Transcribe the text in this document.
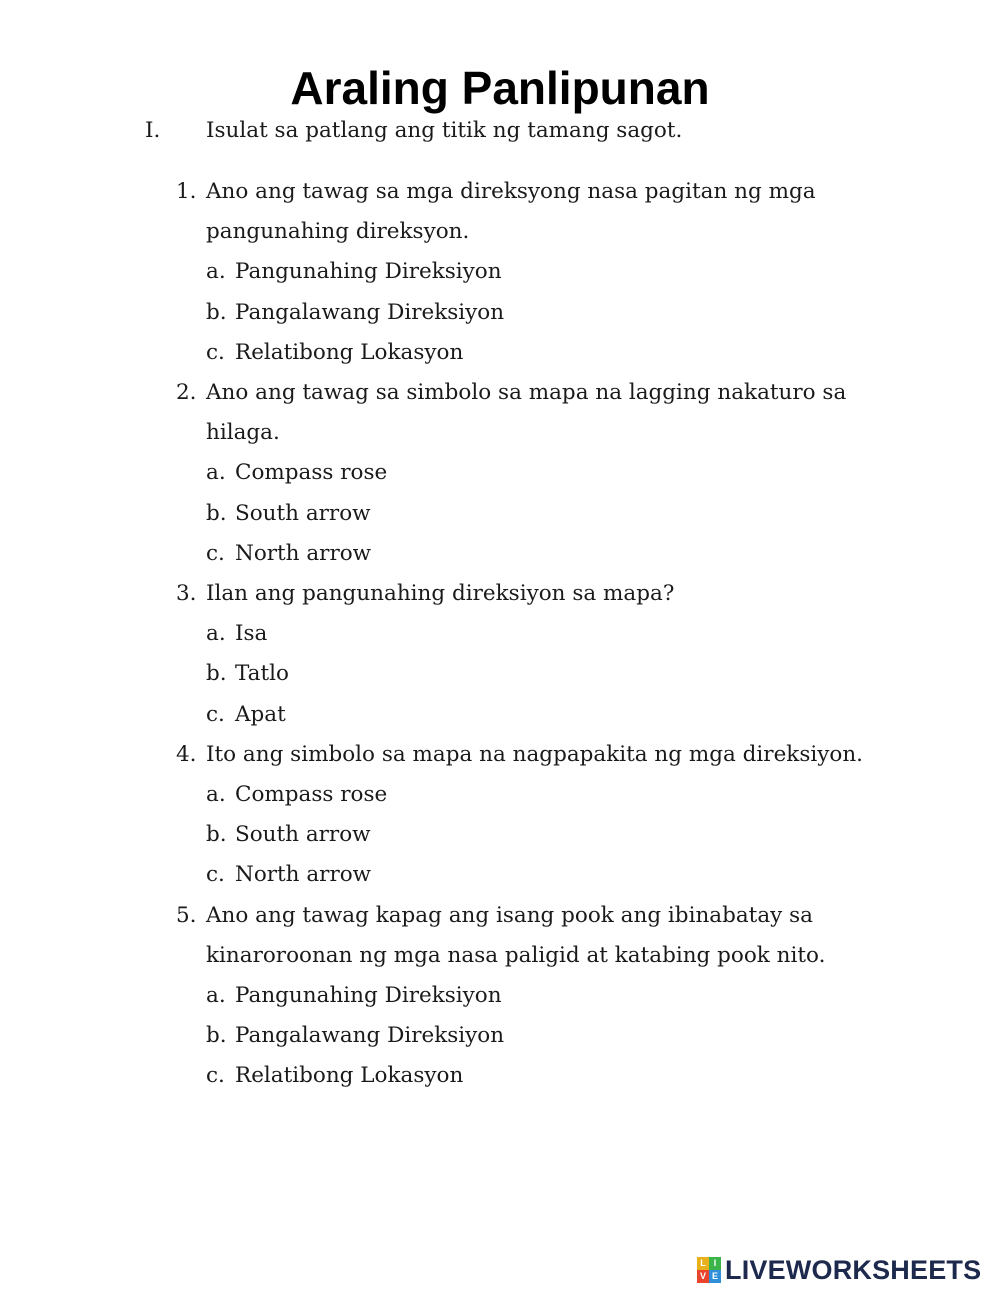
Araling Panlipunan
I. Isulat sa patlang ang titik ng tamang sagot.
1. Ano ang tawag sa mga direksyong nasa pagitan ng mga pangunahing direksyon.
a. Pangunahing Direksiyon
b. Pangalawang Direksiyon
c. Relatibong Lokasyon
2. Ano ang tawag sa simbolo sa mapa na lagging nakaturo sa hilaga.
a. Compass rose
b. South arrow
c. North arrow
3. Ilan ang pangunahing direksiyon sa mapa?
a. Isa
b. Tatlo
c. Apat
4. Ito ang simbolo sa mapa na nagpapakita ng mga direksiyon.
a. Compass rose
b. South arrow
c. North arrow
5. Ano ang tawag kapag ang isang pook ang ibinabatay sa kinaroroonan ng mga nasa paligid at katabing pook nito.
a. Pangunahing Direksiyon
b. Pangalawang Direksiyon
c. Relatibong Lokasyon
L I
V E LIVEWORKSHEETS
